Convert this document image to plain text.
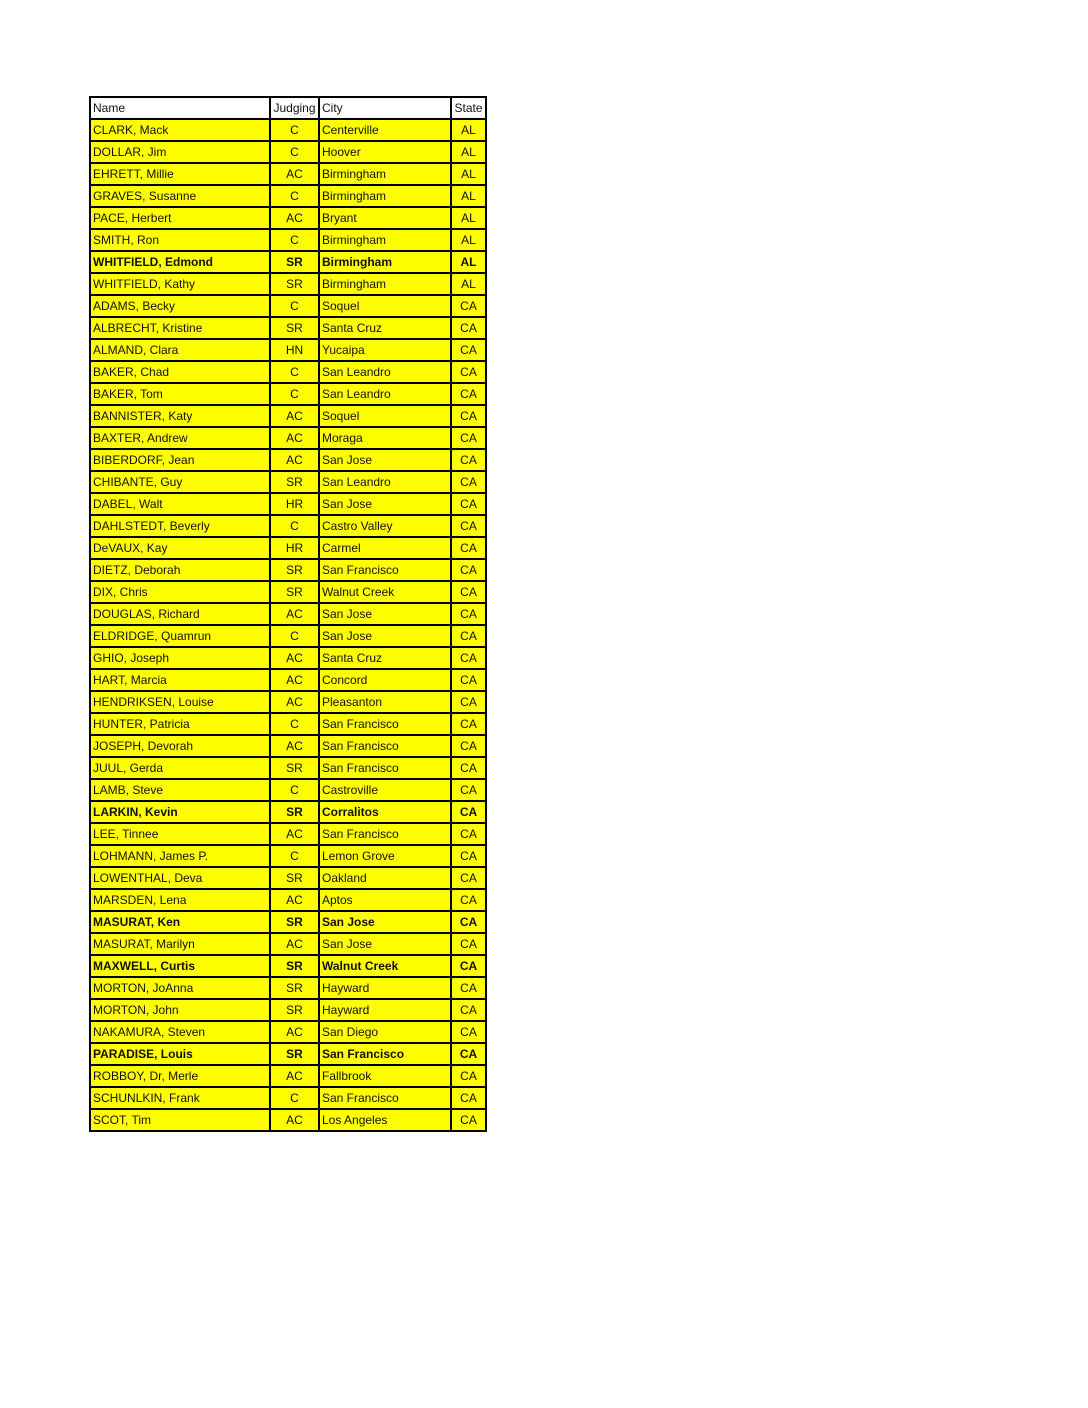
Name	Judging	City	State
CLARK, Mack	C	Centerville	AL
DOLLAR, Jim	C	Hoover	AL
EHRETT, Millie	AC	Birmingham	AL
GRAVES, Susanne	C	Birmingham	AL
PACE, Herbert	AC	Bryant	AL
SMITH, Ron	C	Birmingham	AL
WHITFIELD, Edmond	SR	Birmingham	AL
WHITFIELD, Kathy	SR	Birmingham	AL
ADAMS, Becky	C	Soquel	CA
ALBRECHT, Kristine	SR	Santa Cruz	CA
ALMAND, Clara	HN	Yucaipa	CA
BAKER, Chad	C	San Leandro	CA
BAKER, Tom	C	San Leandro	CA
BANNISTER, Katy	AC	Soquel	CA
BAXTER, Andrew	AC	Moraga	CA
BIBERDORF, Jean	AC	San Jose	CA
CHIBANTE, Guy	SR	San Leandro	CA
DABEL, Walt	HR	San Jose	CA
DAHLSTEDT, Beverly	C	Castro Valley	CA
DeVAUX, Kay	HR	Carmel	CA
DIETZ, Deborah	SR	San Francisco	CA
DIX, Chris	SR	Walnut Creek	CA
DOUGLAS, Richard	AC	San Jose	CA
ELDRIDGE, Quamrun	C	San Jose	CA
GHIO, Joseph	AC	Santa Cruz	CA
HART, Marcia	AC	Concord	CA
HENDRIKSEN, Louise	AC	Pleasanton	CA
HUNTER, Patricia	C	San Francisco	CA
JOSEPH, Devorah	AC	San Francisco	CA
JUUL, Gerda	SR	San Francisco	CA
LAMB, Steve	C	Castroville	CA
LARKIN, Kevin	SR	Corralitos	CA
LEE, Tinnee	AC	San Francisco	CA
LOHMANN, James P.	C	Lemon Grove	CA
LOWENTHAL, Deva	SR	Oakland	CA
MARSDEN, Lena	AC	Aptos	CA
MASURAT, Ken	SR	San Jose	CA
MASURAT, Marilyn	AC	San Jose	CA
MAXWELL, Curtis	SR	Walnut Creek	CA
MORTON, JoAnna	SR	Hayward	CA
MORTON, John	SR	Hayward	CA
NAKAMURA, Steven	AC	San Diego	CA
PARADISE, Louis	SR	San Francisco	CA
ROBBOY, Dr, Merle	AC	Fallbrook	CA
SCHUNLKIN, Frank	C	San Francisco	CA
SCOT, Tim	AC	Los Angeles	CA
